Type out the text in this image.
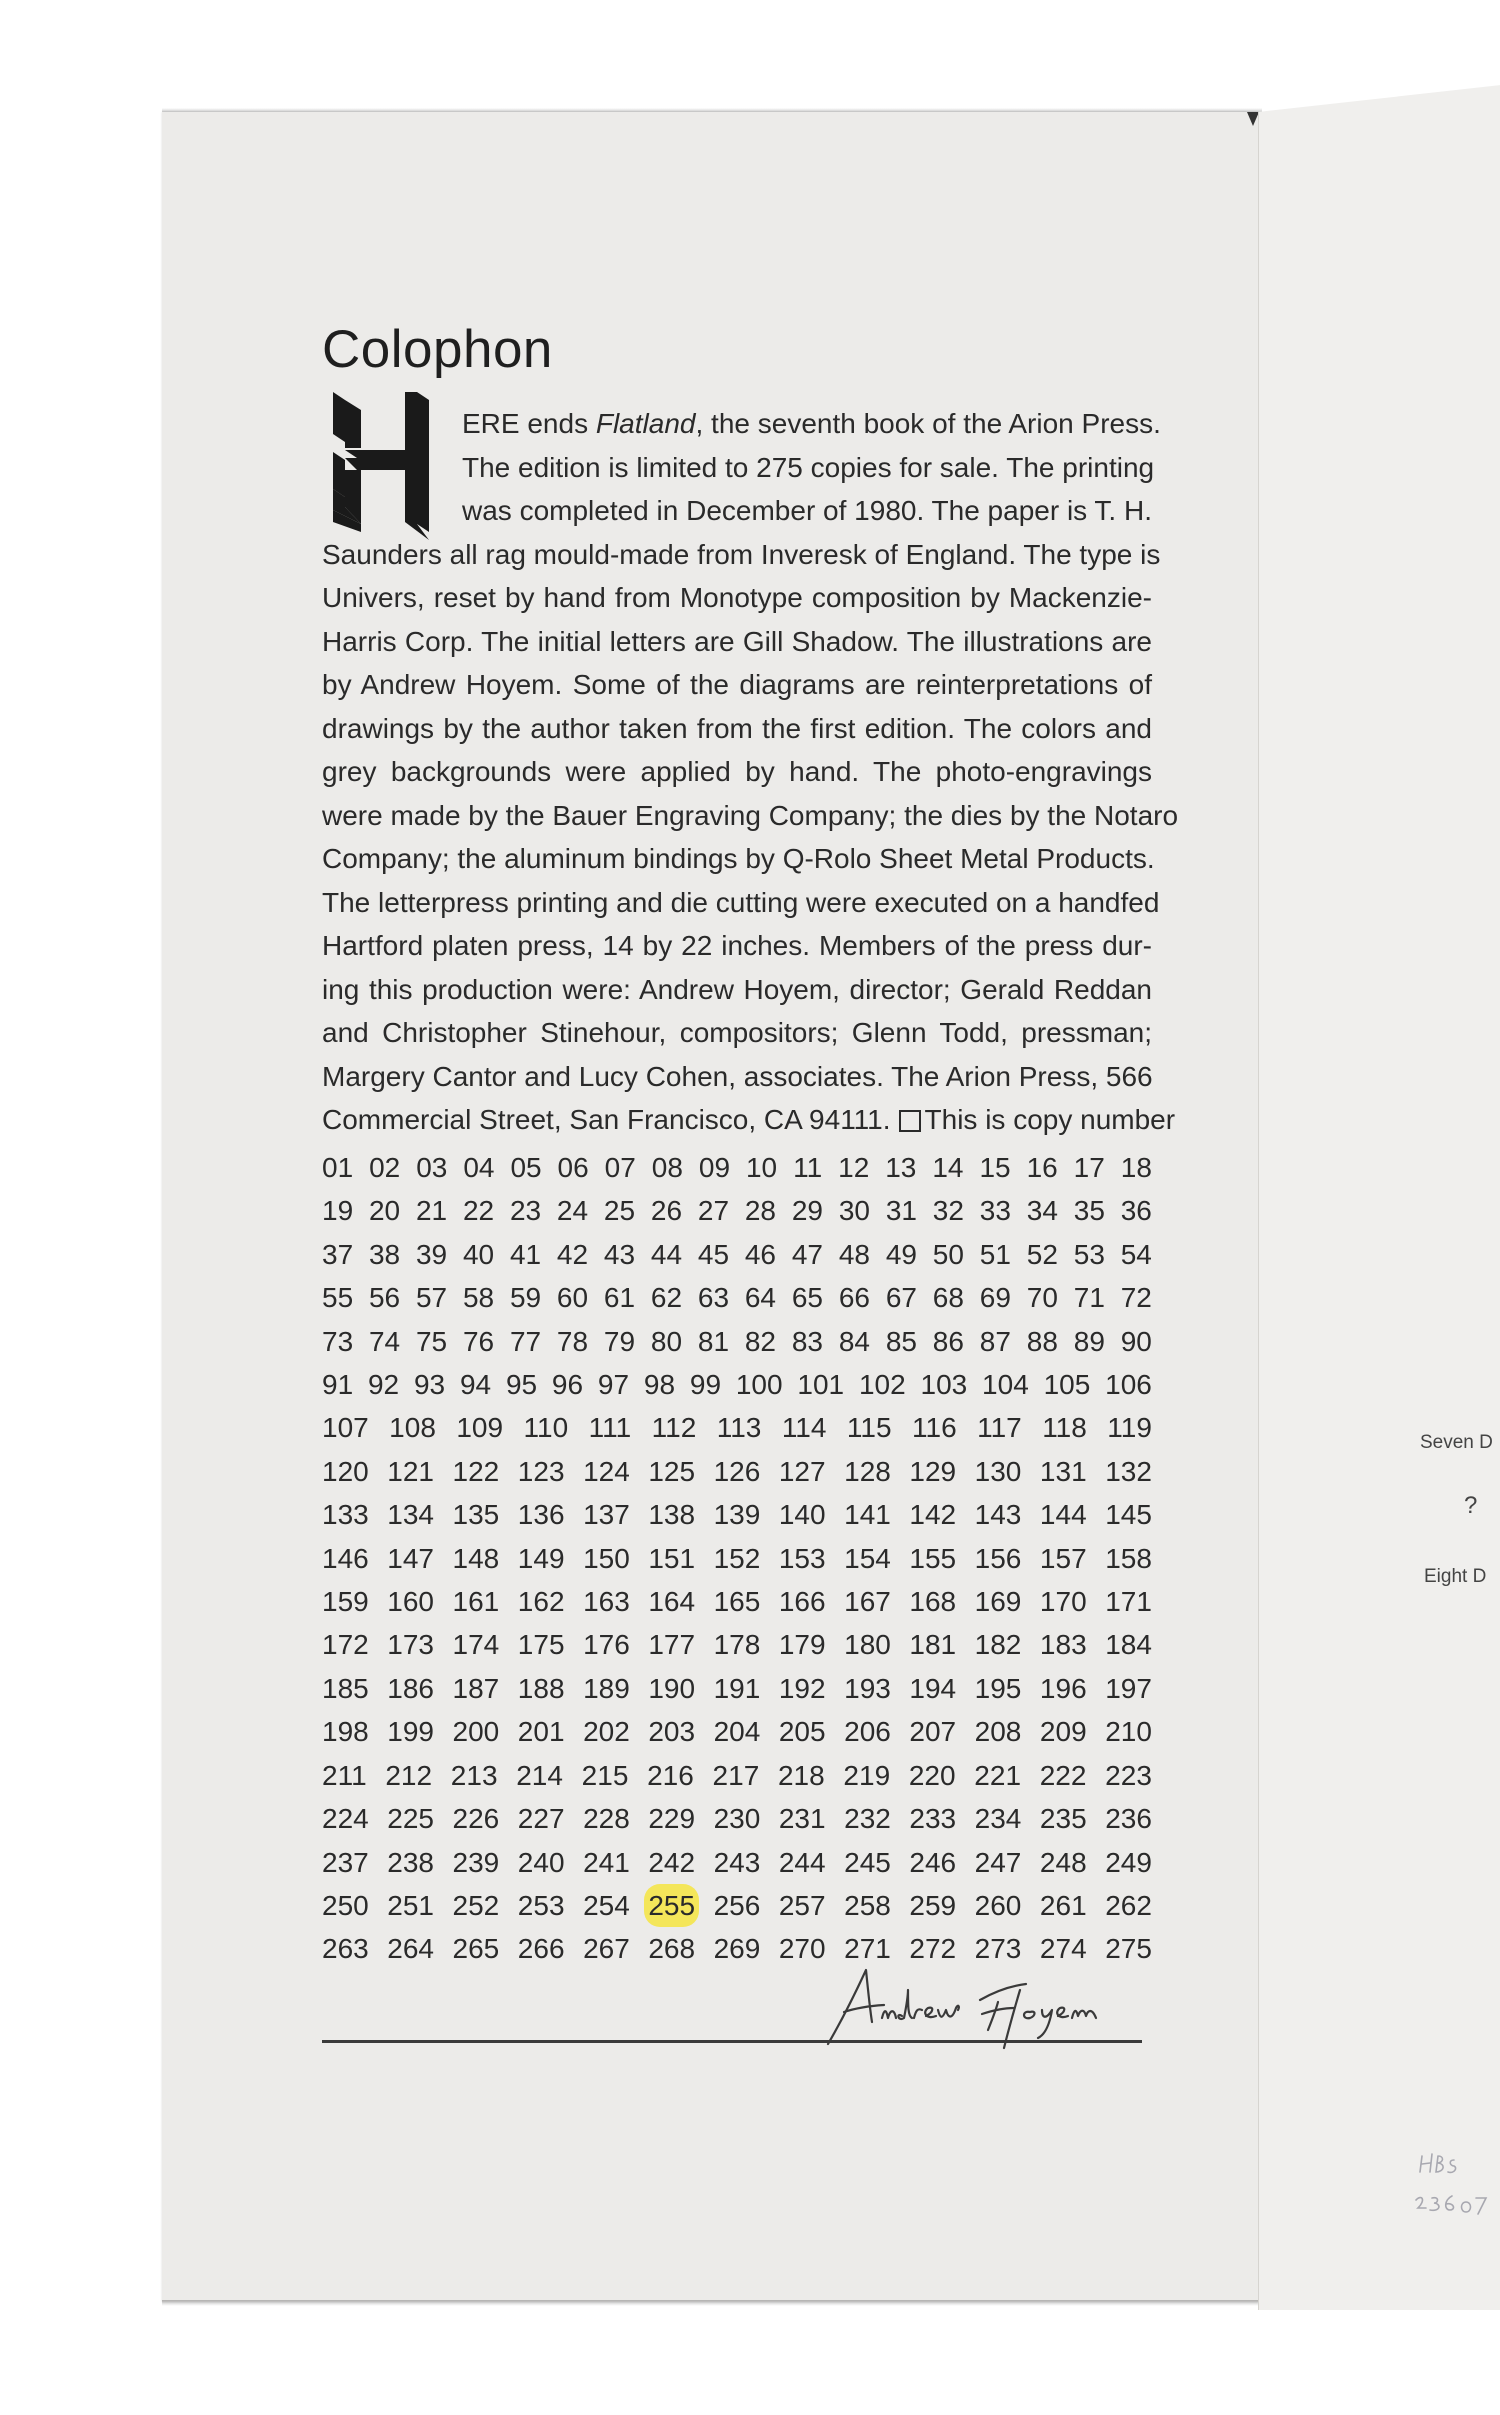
Colophon
ERE ends Flatland, the seventh book of the Arion Press.
The edition is limited to 275 copies for sale. The printing
was completed in December of 1980. The paper is T. H.
Saunders all rag mould-made from Inveresk of England. The type is
Univers, reset by hand from Monotype composition by Mackenzie-
Harris Corp. The initial letters are Gill Shadow. The illustrations are
by Andrew Hoyem. Some of the diagrams are reinterpretations of
drawings by the author taken from the first edition. The colors and
grey backgrounds were applied by hand. The photo-engravings
were made by the Bauer Engraving Company; the dies by the Notaro
Company; the aluminum bindings by Q-Rolo Sheet Metal Products.
The letterpress printing and die cutting were executed on a handfed
Hartford platen press, 14 by 22 inches. Members of the press dur-
ing this production were: Andrew Hoyem, director; Gerald Reddan
and Christopher Stinehour, compositors; Glenn Todd, pressman;
Margery Cantor and Lucy Cohen, associates. The Arion Press, 566
Commercial Street, San Francisco, CA 94111. This is copy number
01 02 03 04 05 06 07 08 09 10 11 12 13 14 15 16 17 18
19 20 21 22 23 24 25 26 27 28 29 30 31 32 33 34 35 36
37 38 39 40 41 42 43 44 45 46 47 48 49 50 51 52 53 54
55 56 57 58 59 60 61 62 63 64 65 66 67 68 69 70 71 72
73 74 75 76 77 78 79 80 81 82 83 84 85 86 87 88 89 90
91 92 93 94 95 96 97 98 99 100 101 102 103 104 105 106
107 108 109 110 111 112 113 114 115 116 117 118 119
120 121 122 123 124 125 126 127 128 129 130 131 132
133 134 135 136 137 138 139 140 141 142 143 144 145
146 147 148 149 150 151 152 153 154 155 156 157 158
159 160 161 162 163 164 165 166 167 168 169 170 171
172 173 174 175 176 177 178 179 180 181 182 183 184
185 186 187 188 189 190 191 192 193 194 195 196 197
198 199 200 201 202 203 204 205 206 207 208 209 210
211 212 213 214 215 216 217 218 219 220 221 222 223
224 225 226 227 228 229 230 231 232 233 234 235 236
237 238 239 240 241 242 243 244 245 246 247 248 249
250 251 252 253 254 255 256 257 258 259 260 261 262
263 264 265 266 267 268 269 270 271 272 273 274 275
Seven D
?
Eight D
